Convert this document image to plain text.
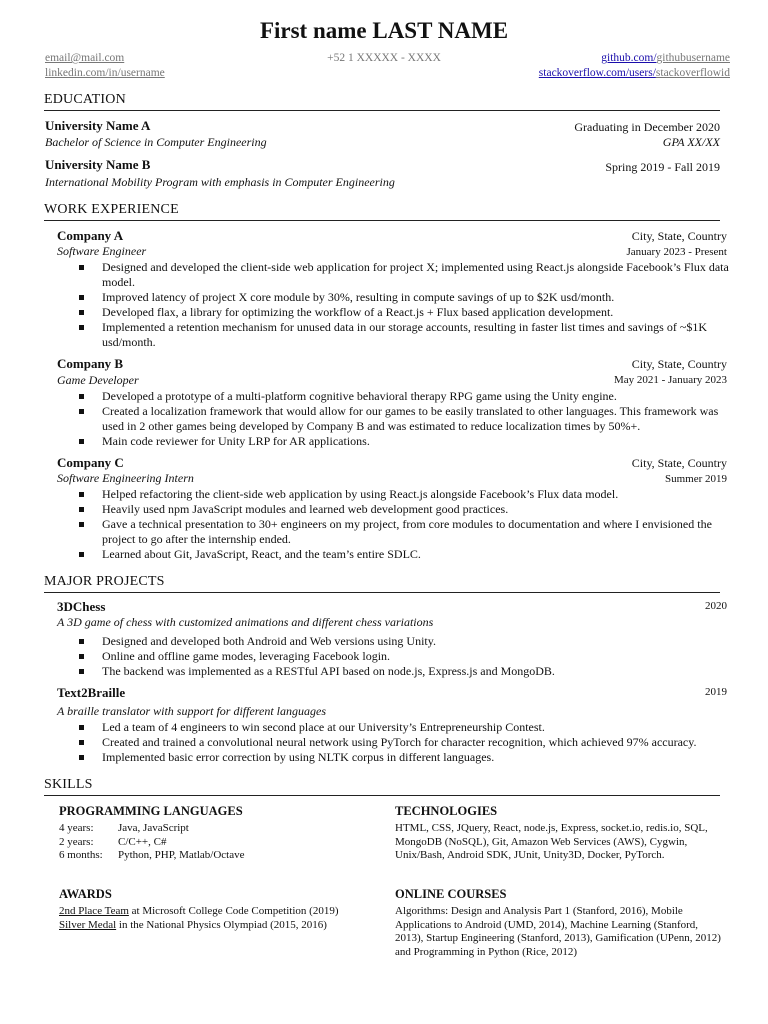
First name LAST NAME
email@mail.com
linkedin.com/in/username
+52 1 XXXXX - XXXX	github.com/githubusername
stackoverflow.com/users/stackoverflowid
EDUCATION
University Name A	Graduating in December 2020
Bachelor of Science in Computer Engineering	GPA XX/XX
University Name B	Spring 2019 - Fall 2019
International Mobility Program with emphasis in Computer Engineering
WORK EXPERIENCE
Company A	City, State, Country
Software Engineer	January 2023 - Present
Designed and developed the client-side web application for project X; implemented using React.js alongside Facebook’s Flux data model.
Improved latency of project X core module by 30%, resulting in compute savings of up to $2K usd/month.
Developed flax, a library for optimizing the workflow of a React.js + Flux based application development.
Implemented a retention mechanism for unused data in our storage accounts, resulting in faster list times and savings of ~$1K usd/month.
Company B	City, State, Country
Game Developer	May 2021 - January 2023
Developed a prototype of a multi-platform cognitive behavioral therapy RPG game using the Unity engine.
Created a localization framework that would allow for our games to be easily translated to other languages. This framework was used in 2 other games being developed by Company B and was estimated to reduce localization times by 50%+.
Main code reviewer for Unity LRP for AR applications.
Company C	City, State, Country
Software Engineering Intern	Summer 2019
Helped refactoring the client-side web application by using React.js alongside Facebook’s Flux data model.
Heavily used npm JavaScript modules and learned web development good practices.
Gave a technical presentation to 30+ engineers on my project, from core modules to documentation and where I envisioned the project to go after the internship ended.
Learned about Git, JavaScript, React, and the team’s entire SDLC.
MAJOR PROJECTS
3DChess	2020
A 3D game of chess with customized animations and different chess variations
Designed and developed both Android and Web versions using Unity.
Online and offline game modes, leveraging Facebook login.
The backend was implemented as a RESTful API based on node.js, Express.js and MongoDB.
Text2Braille	2019
A braille translator with support for different languages
Led a team of 4 engineers to win second place at our University’s Entrepreneurship Contest.
Created and trained a convolutional neural network using PyTorch for character recognition, which achieved 97% accuracy.
Implemented basic error correction by using NLTK corpus in different languages.
SKILLS
PROGRAMMING LANGUAGES
4 years:	Java, JavaScript
2 years:	C/C++, C#
6 months:	Python, PHP, Matlab/Octave
TECHNOLOGIES
HTML, CSS, JQuery, React, node.js, Express, socket.io, redis.io, SQL, MongoDB (NoSQL), Git, Amazon Web Services (AWS), Cygwin, Unix/Bash, Android SDK, JUnit, Unity3D, Docker, PyTorch.
AWARDS
2nd Place Team at Microsoft College Code Competition (2019)
Silver Medal in the National Physics Olympiad (2015, 2016)
ONLINE COURSES
Algorithms: Design and Analysis Part 1 (Stanford, 2016), Mobile Applications to Android (UMD, 2014), Machine Learning (Stanford, 2013), Startup Engineering (Stanford, 2013), Gamification (UPenn, 2012) and Programming in Python (Rice, 2012)
